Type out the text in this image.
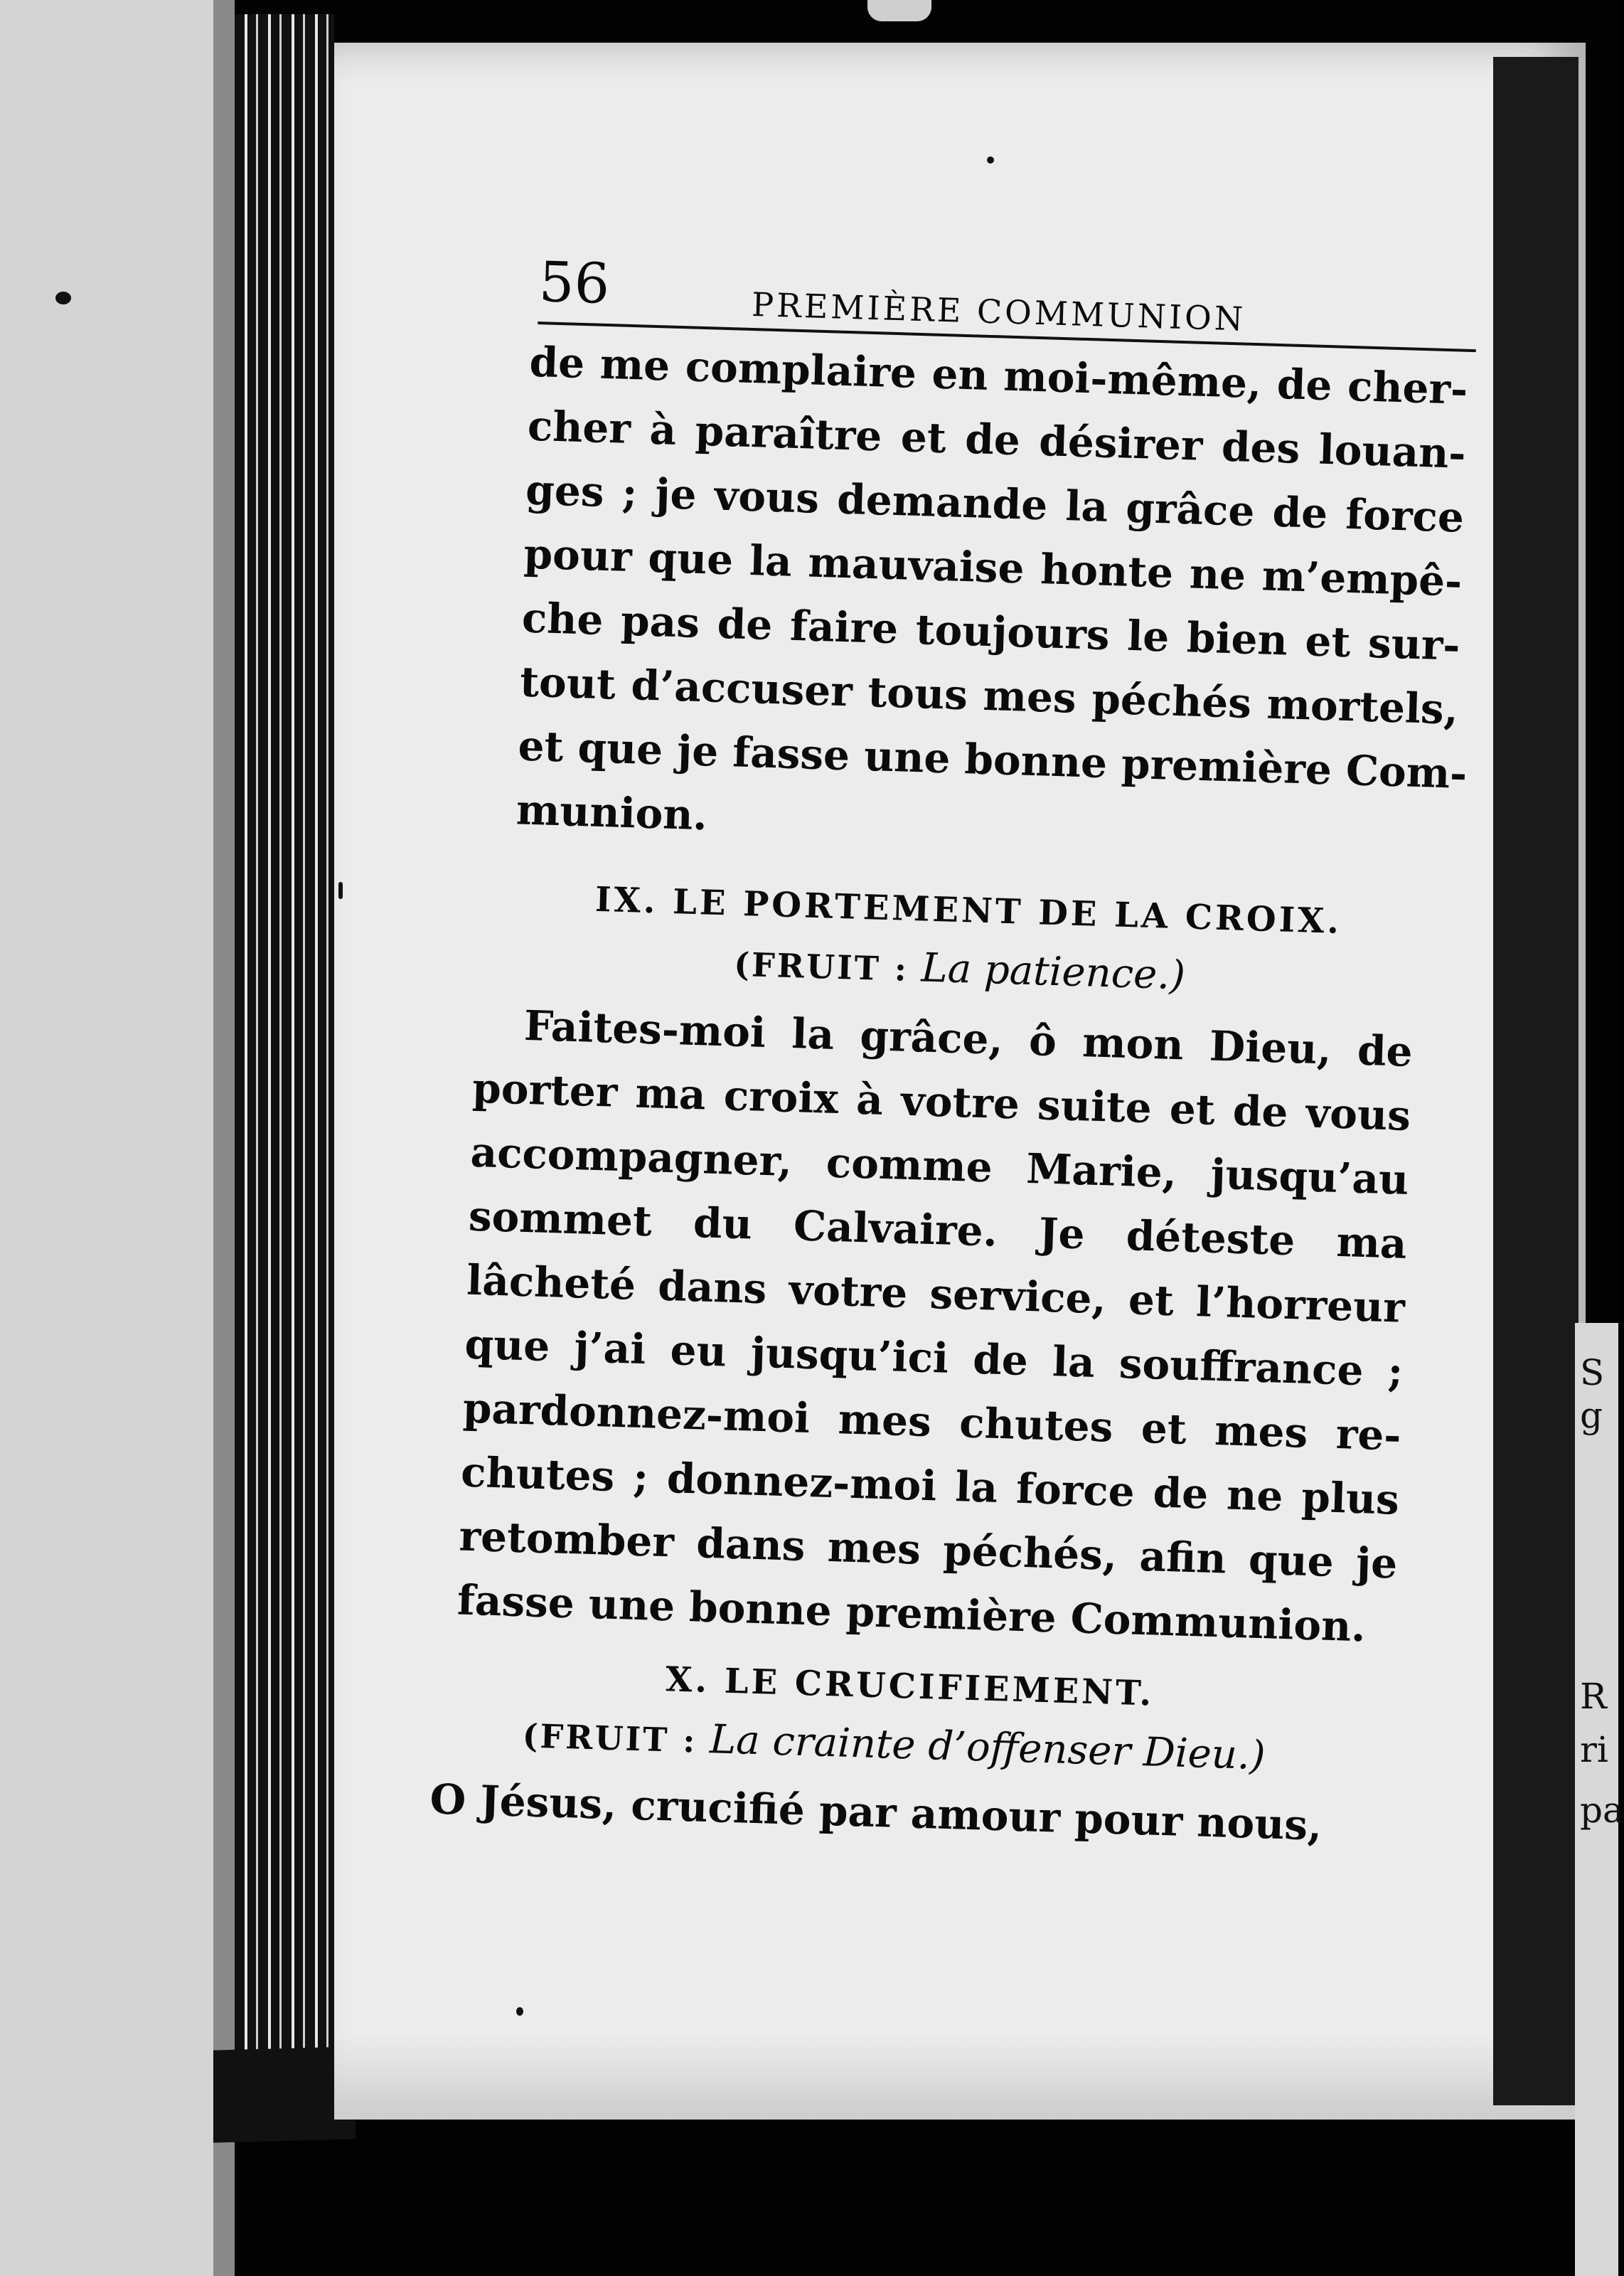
S
g
R
ri
pa
56	PREMIÈRE COMMUNION
de me complaire en moi-même, de cher-
cher à paraître et de désirer des louan-
ges ; je vous demande la grâce de force
pour que la mauvaise honte ne m’empê-
che pas de faire toujours le bien et sur-
tout d’accuser tous mes péchés mortels,
et que je fasse une bonne première Com-
munion.
IX. LE PORTEMENT DE LA CROIX.
(FRUIT : La patience.)
Faites-moi la grâce, ô mon Dieu, de
porter ma croix à votre suite et de vous
accompagner, comme Marie, jusqu’au
sommet du Calvaire. Je déteste ma
lâcheté dans votre service, et l’horreur
que j’ai eu jusqu’ici de la souffrance ;
pardonnez-moi mes chutes et mes re-
chutes ; donnez-moi la force de ne plus
retomber dans mes péchés, afin que je
fasse une bonne première Communion.
X. LE CRUCIFIEMENT.
(FRUIT : La crainte d’offenser Dieu.)
O Jésus, crucifié par amour pour nous,
